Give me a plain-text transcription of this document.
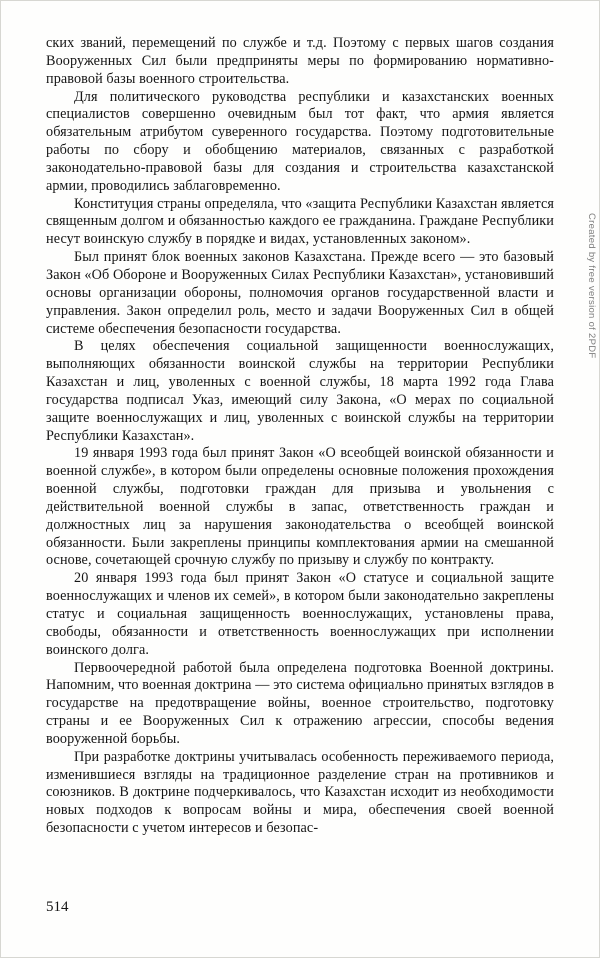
ских званий, перемещений по службе и т.д. Поэтому с первых шагов создания Вооруженных Сил были предприняты меры по формированию нормативно-правовой базы военного строительства.

Для политического руководства республики и казахстанских военных специалистов совершенно очевидным был тот факт, что армия является обязательным атрибутом суверенного государства. Поэтому подготовительные работы по сбору и обобщению материалов, связанных с разработкой законодательно-правовой базы для создания и строительства казахстанской армии, проводились заблаговременно.

Конституция страны определяла, что «защита Республики Казахстан является священным долгом и обязанностью каждого ее гражданина. Граждане Республики несут воинскую службу в порядке и видах, установленных законом».

Был принят блок военных законов Казахстана. Прежде всего — это базовый Закон «Об Обороне и Вооруженных Силах Республики Казахстан», установивший основы организации обороны, полномочия органов государственной власти и управления. Закон определил роль, место и задачи Вооруженных Сил в общей системе обеспечения безопасности государства.

В целях обеспечения социальной защищенности военнослужащих, выполняющих обязанности воинской службы на территории Республики Казахстан и лиц, уволенных с военной службы, 18 марта 1992 года Глава государства подписал Указ, имеющий силу Закона, «О мерах по социальной защите военнослужащих и лиц, уволенных с воинской службы на территории Республики Казахстан».

19 января 1993 года был принят Закон «О всеобщей воинской обязанности и военной службе», в котором были определены основные положения прохождения военной службы, подготовки граждан для призыва и увольнения с действительной военной службы в запас, ответственность граждан и должностных лиц за нарушения законодательства о всеобщей воинской обязанности. Были закреплены принципы комплектования армии на смешанной основе, сочетающей срочную службу по призыву и службу по контракту.

20 января 1993 года был принят Закон «О статусе и социальной защите военнослужащих и членов их семей», в котором были законодательно закреплены статус и социальная защищенность военнослужащих, установлены права, свободы, обязанности и ответственность военнослужащих при исполнении воинского долга.

Первоочередной работой была определена подготовка Военной доктрины. Напомним, что военная доктрина — это система официально принятых взглядов в государстве на предотвращение войны, военное строительство, подготовку страны и ее Вооруженных Сил к отражению агрессии, способы ведения вооруженной борьбы.

При разработке доктрины учитывалась особенность переживаемого периода, изменившиеся взгляды на традиционное разделение стран на противников и союзников. В доктрине подчеркивалось, что Казахстан исходит из необходимости новых подходов к вопросам войны и мира, обеспечения своей военной безопасности с учетом интересов и безопас-

514
Created by free version of 2PDF
